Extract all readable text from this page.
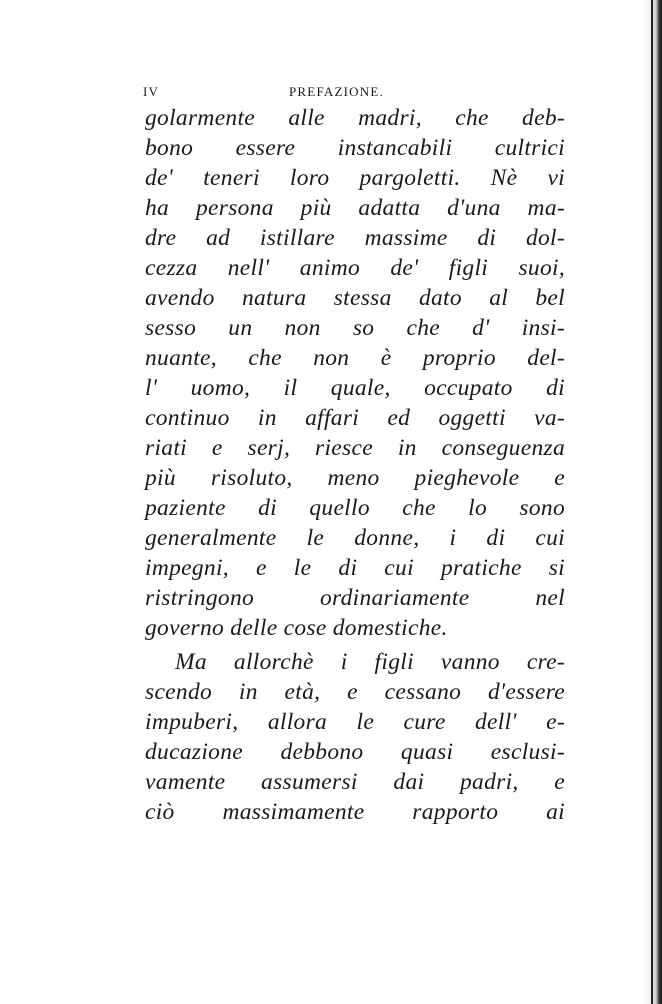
IV	PREFAZIONE.
golarmente alle madri, che deb-
bono essere instancabili cultrici
de' teneri loro pargoletti. Nè vi
ha persona più adatta d'una ma-
dre ad istillare massime di dol-
cezza nell' animo de' figli suoi,
avendo natura stessa dato al bel
sesso un non so che d' insi-
nuante, che non è proprio del-
l' uomo, il quale, occupato di
continuo in affari ed oggetti va-
riati e serj, riesce in conseguenza
più risoluto, meno pieghevole e
paziente di quello che lo sono
generalmente le donne, i di cui
impegni, e le di cui pratiche si
ristringono ordinariamente nel
governo delle cose domestiche.
Ma allorchè i figli vanno cre-
scendo in età, e cessano d'essere
impuberi, allora le cure dell' e-
ducazione debbono quasi esclusi-
vamente assumersi dai padri, e
ciò massimamente rapporto ai
